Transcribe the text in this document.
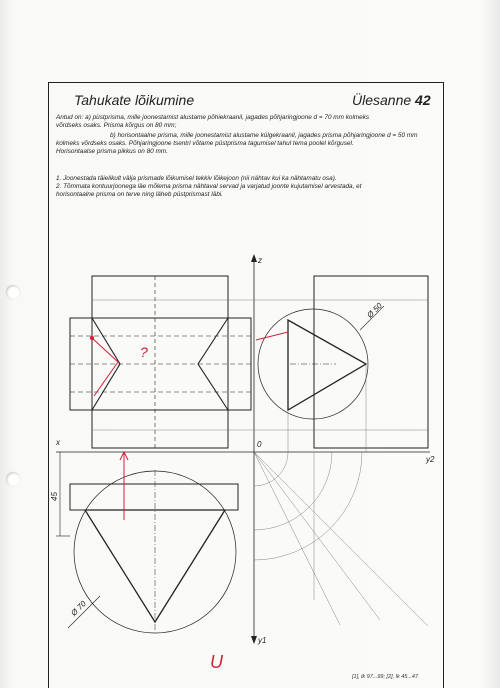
Tahukate lõikumine	Ülesanne 42
Antud on: a) püstprisma, mille joonestamist alustame põhiekraanil, jagades põhjaringjoone d = 70 mm kolmeks
võrdseks osaks. Prisma kõrgus on 80 mm;
b) horisontaalne prisma, mille joonestamist alustame külgekraanil, jagades prisma põhjaringjoone d = 50 mm
kolmeks võrdseks osaks. Põhjaringjoone tsentri võtame püstprisma tagumisel tahul tema poolel kõrgusel.
Horisontaalse prisma pikkus on 80 mm.
1. Joonestada täielikult välja prismade lõikumisel tekkiv lõikejoon (nii nähtav kui ka nähtamatu osa).
2. Tõmmata kontuurjoonega läe mõlema prisma nähtaval servad ja varjatud joonte kujutamisel arvestada, et
horisontaalne prisma on terve ning läheb püstprismast läbi.
z
x
y2
y1
0
Ø 50
Ø 70
45
?
U
[1], lk 97...99; [2], lk 45...47
